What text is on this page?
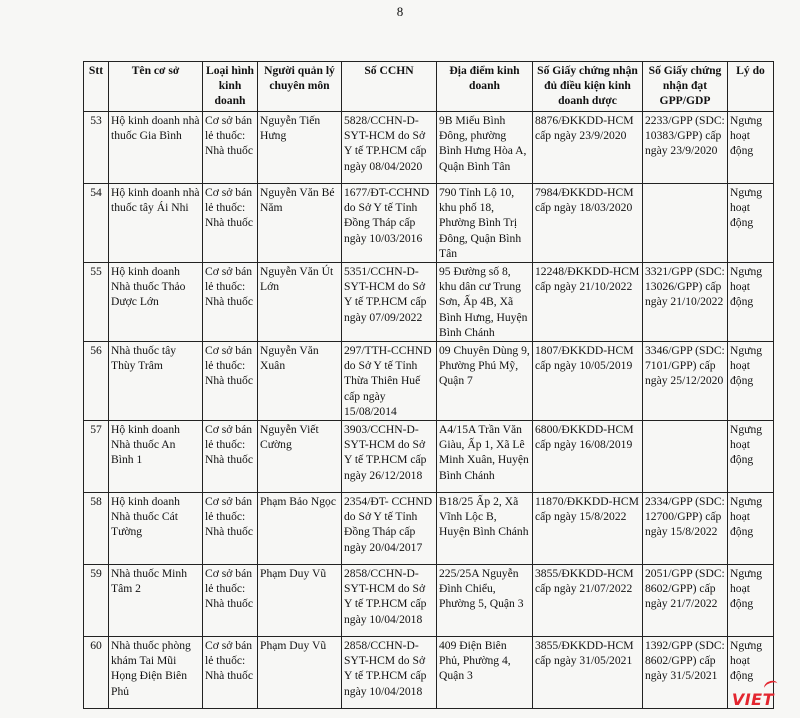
8
Stt	Tên cơ sở	Loại hình kinh doanh	Người quản lý chuyên môn	Số CCHN	Địa điểm kinh doanh	Số Giấy chứng nhận đủ điều kiện kinh doanh dược	Số Giấy chứng nhận đạt GPP/GDP	Lý do
53	Hộ kinh doanh nhà thuốc Gia Bình	Cơ sở bán lẻ thuốc: Nhà thuốc	Nguyễn Tiến Hưng	5828/CCHN-D-SYT-HCM do Sở Y tế TP.HCM cấp ngày 08/04/2020	9B Miếu Bình Đông, phường Bình Hưng Hòa A, Quận Bình Tân	8876/ĐKKDD-HCM cấp ngày 23/9/2020	2233/GPP (SDC: 10383/GPP) cấp ngày 23/9/2020	Ngưng hoạt động
54	Hộ kinh doanh nhà thuốc tây Ái Nhi	Cơ sở bán lẻ thuốc: Nhà thuốc	Nguyễn Văn Bé Năm	1677/ĐT-CCHND do Sở Y tế Tỉnh Đồng Tháp cấp ngày 10/03/2016	790 Tỉnh Lộ 10, khu phố 18, Phường Bình Trị Đông, Quận Bình Tân	7984/ĐKKDD-HCM cấp ngày 18/03/2020		Ngưng hoạt động
55	Hộ kinh doanh Nhà thuốc Thảo Dược Lớn	Cơ sở bán lẻ thuốc: Nhà thuốc	Nguyễn Văn Út Lớn	5351/CCHN-D-SYT-HCM do Sở Y tế TP.HCM cấp ngày 07/09/2022	95 Đường số 8, khu dân cư Trung Sơn, Ấp 4B, Xã Bình Hưng, Huyện Bình Chánh	12248/ĐKKDD-HCM cấp ngày 21/10/2022	3321/GPP (SDC: 13026/GPP) cấp ngày 21/10/2022	Ngưng hoạt động
56	Nhà thuốc tây Thùy Trâm	Cơ sở bán lẻ thuốc: Nhà thuốc	Nguyễn Văn Xuân	297/TTH-CCHND do Sở Y tế Tỉnh Thừa Thiên Huế cấp ngày 15/08/2014	09 Chuyên Dùng 9, Phường Phú Mỹ, Quận 7	1807/ĐKKDD-HCM cấp ngày 10/05/2019	3346/GPP (SDC: 7101/GPP) cấp ngày 25/12/2020	Ngưng hoạt động
57	Hộ kinh doanh Nhà thuốc An Bình 1	Cơ sở bán lẻ thuốc: Nhà thuốc	Nguyễn Viết Cường	3903/CCHN-D-SYT-HCM do Sở Y tế TP.HCM cấp ngày 26/12/2018	A4/15A Trần Văn Giàu, Ấp 1, Xã Lê Minh Xuân, Huyện Bình Chánh	6800/ĐKKDD-HCM cấp ngày 16/08/2019		Ngưng hoạt động
58	Hộ kinh doanh Nhà thuốc Cát Tường	Cơ sở bán lẻ thuốc: Nhà thuốc	Phạm Bảo Ngọc	2354/ĐT- CCHND do Sở Y tế Tỉnh Đồng Tháp cấp ngày 20/04/2017	B18/25 Ấp 2, Xã Vĩnh Lộc B, Huyện Bình Chánh	11870/ĐKKDD-HCM cấp ngày 15/8/2022	2334/GPP (SDC: 12700/GPP) cấp ngày 15/8/2022	Ngưng hoạt động
59	Nhà thuốc Minh Tâm 2	Cơ sở bán lẻ thuốc: Nhà thuốc	Phạm Duy Vũ	2858/CCHN-D-SYT-HCM do Sở Y tế TP.HCM cấp ngày 10/04/2018	225/25A Nguyễn Đình Chiểu, Phường 5, Quận 3	3855/ĐKKDD-HCM cấp ngày 21/07/2022	2051/GPP (SDC: 8602/GPP) cấp ngày 21/7/2022	Ngưng hoạt động
60	Nhà thuốc phòng khám Tai Mũi Họng Điện Biên Phủ	Cơ sở bán lẻ thuốc: Nhà thuốc	Phạm Duy Vũ	2858/CCHN-D-SYT-HCM do Sở Y tế TP.HCM cấp ngày 10/04/2018	409 Điện Biên Phủ, Phường 4, Quận 3	3855/ĐKKDD-HCM cấp ngày 31/05/2021	1392/GPP (SDC: 8602/GPP) cấp ngày 31/5/2021	Ngưng hoạt động
VIET
